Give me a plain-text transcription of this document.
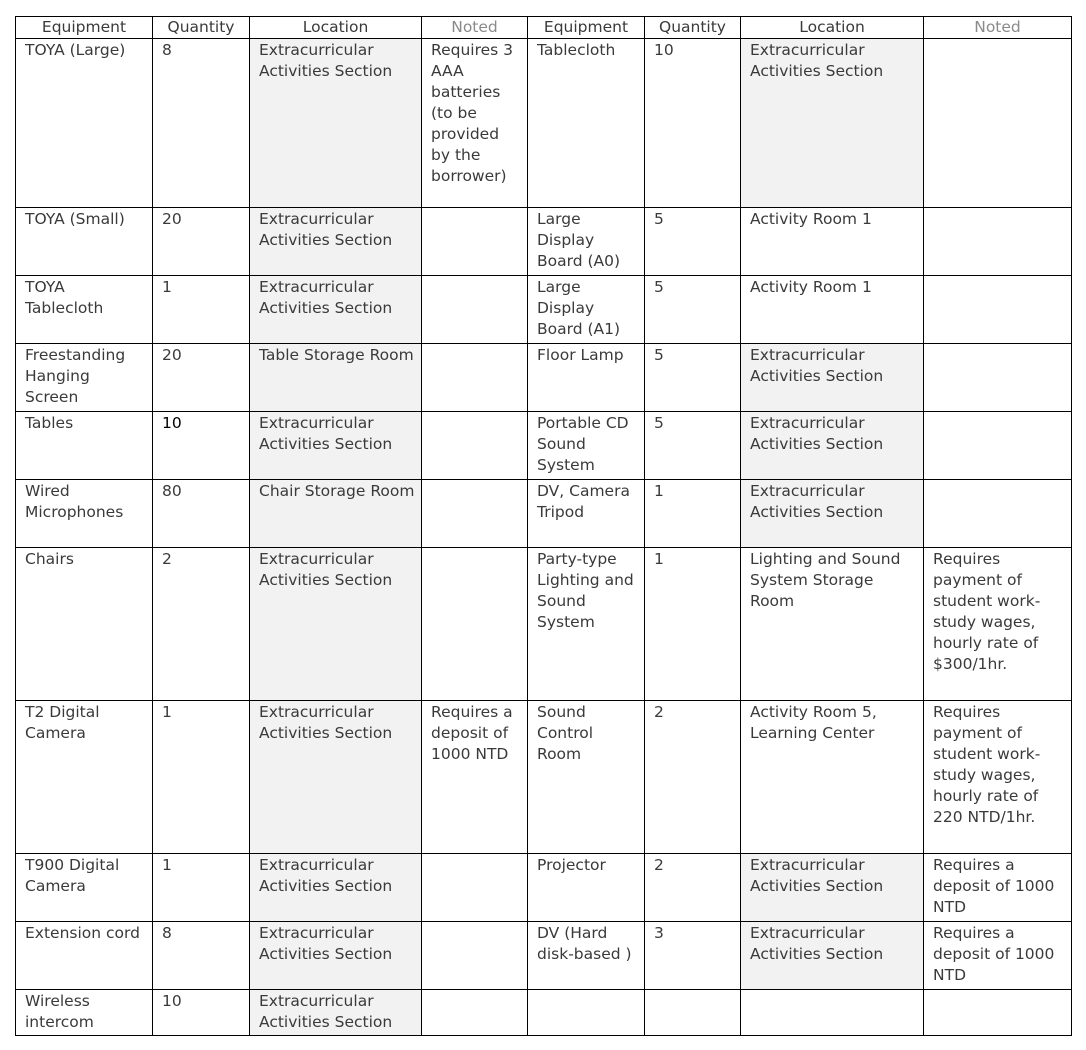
Equipment	Quantity	Location	Noted	Equipment	Quantity	Location	Noted
TOYA (Large)	8	Extracurricular Activities Section	Requires 3 AAA batteries (to be provided by the borrower)	Tablecloth	10	Extracurricular Activities Section	
TOYA (Small)	20	Extracurricular Activities Section		Large Display Board (A0)	5	Activity Room 1	
TOYA Tablecloth	1	Extracurricular Activities Section		Large Display Board (A1)	5	Activity Room 1	
Freestanding Hanging Screen	20	Table Storage Room		Floor Lamp	5	Extracurricular Activities Section	
Tables	10	Extracurricular Activities Section		Portable CD Sound System	5	Extracurricular Activities Section	
Wired Microphones	80	Chair Storage Room		DV, Camera Tripod	1	Extracurricular Activities Section	
Chairs	2	Extracurricular Activities Section		Party-type Lighting and Sound System	1	Lighting and Sound System Storage Room	Requires payment of student work-study wages, hourly rate of $300/1hr.
T2 Digital Camera	1	Extracurricular Activities Section	Requires a deposit of 1000 NTD	Sound Control Room	2	Activity Room 5, Learning Center	Requires payment of student work-study wages, hourly rate of 220 NTD/1hr.
T900 Digital Camera	1	Extracurricular Activities Section		Projector	2	Extracurricular Activities Section	Requires a deposit of 1000 NTD
Extension cord	8	Extracurricular Activities Section		DV (Hard disk-based )	3	Extracurricular Activities Section	Requires a deposit of 1000 NTD
Wireless intercom	10	Extracurricular Activities Section					
